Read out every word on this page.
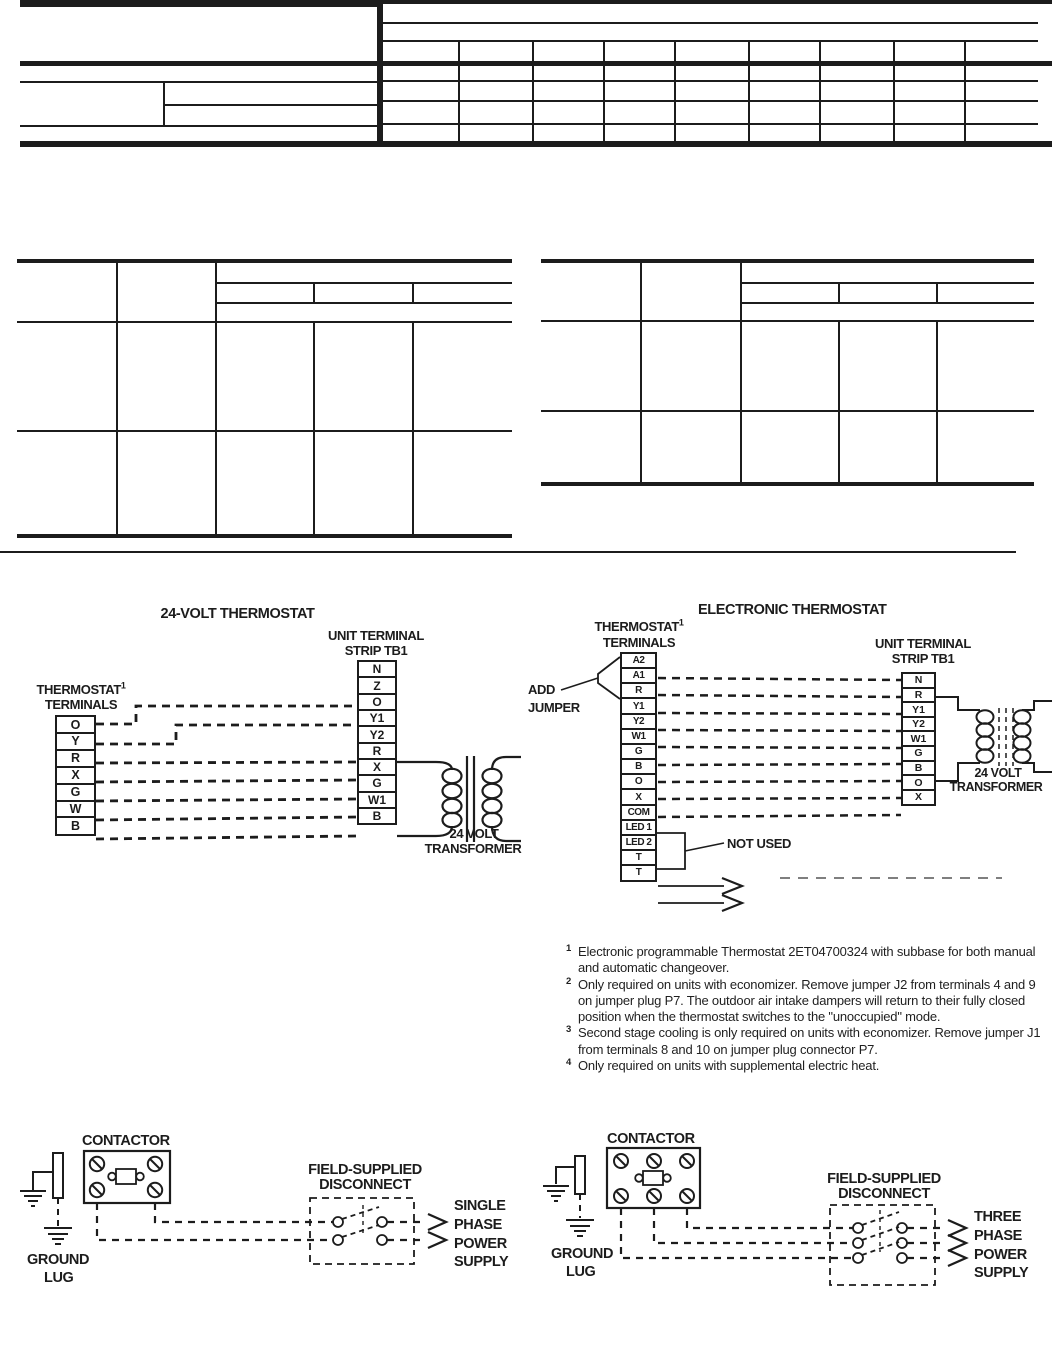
24-VOLT THERMOSTAT
UNIT TERMINAL
STRIP TB1
THERMOSTAT$^1$
TERMINALS
O
Y
R
X
G
W
B
N
Z
O
Y1
Y2
R
X
G
W1
B
24 VOLT
TRANSFORMER
ELECTRONIC THERMOSTAT
THERMOSTAT$^1$
TERMINALS	UNIT TERMINAL
STRIP TB1
ADD
JUMPER
A2
A1
R
Y1
Y2
W1
G
B
O
X
COM
LED 1
LED 2
T
T
N
R
Y1
Y2
W1
G
B
O
X
NOT USED
24 VOLT
TRANSFORMER
1 Electronic programmable Thermostat 2ET04700324 with subbase for both manual and automatic changeover.
2 Only required on units with economizer. Remove jumper J2 from terminals 4 and 9 on jumper plug P7. The outdoor air intake dampers will return to their fully closed position when the thermostat switches to the "unoccupied" mode.
3 Second stage cooling is only required on units with economizer. Remove jumper J1 from terminals 8 and 10 on jumper plug connector P7.
4 Only required on units with supplemental electric heat.
CONTACTOR
FIELD-SUPPLIED
DISCONNECT
GROUND
LUG
SINGLE
PHASE
POWER
SUPPLY
CONTACTOR
FIELD-SUPPLIED
DISCONNECT
GROUND
LUG
THREE
PHASE
POWER
SUPPLY
